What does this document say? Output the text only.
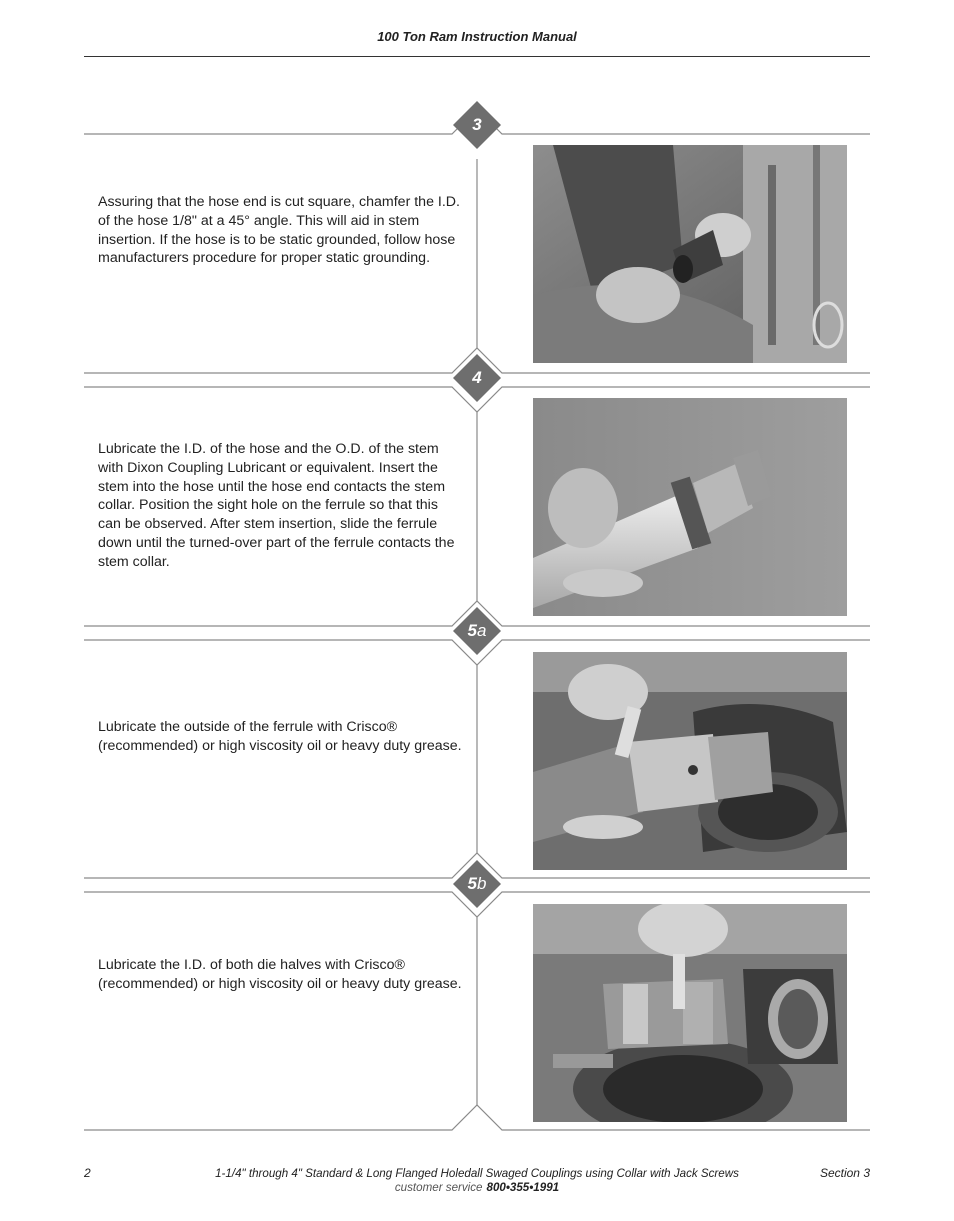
100 Ton Ram Instruction Manual
3
4
5a
5b
Assuring that the hose end is cut square, chamfer the I.D. of the hose 1/8" at a 45° angle. This will aid in stem insertion. If the hose is to be static grounded, follow hose manufacturers procedure for proper static grounding.
Lubricate the I.D. of the hose and the O.D. of the stem with Dixon Coupling Lubricant or equivalent. Insert the stem into the hose until the hose end contacts the stem collar. Position the sight hole on the ferrule so that this can be observed. After stem insertion, slide the ferrule down until the turned-over part of the ferrule contacts the stem collar.
Lubricate the outside of the ferrule with Crisco® (recommended) or high viscosity oil or heavy duty grease.
Lubricate the I.D. of both die halves with Crisco® (recommended) or high viscosity oil or heavy duty grease.
2	1-1/4" through 4" Standard & Long Flanged Holedall Swaged Couplings using Collar with Jack Screws	Section 3
customer service 800•355•1991
